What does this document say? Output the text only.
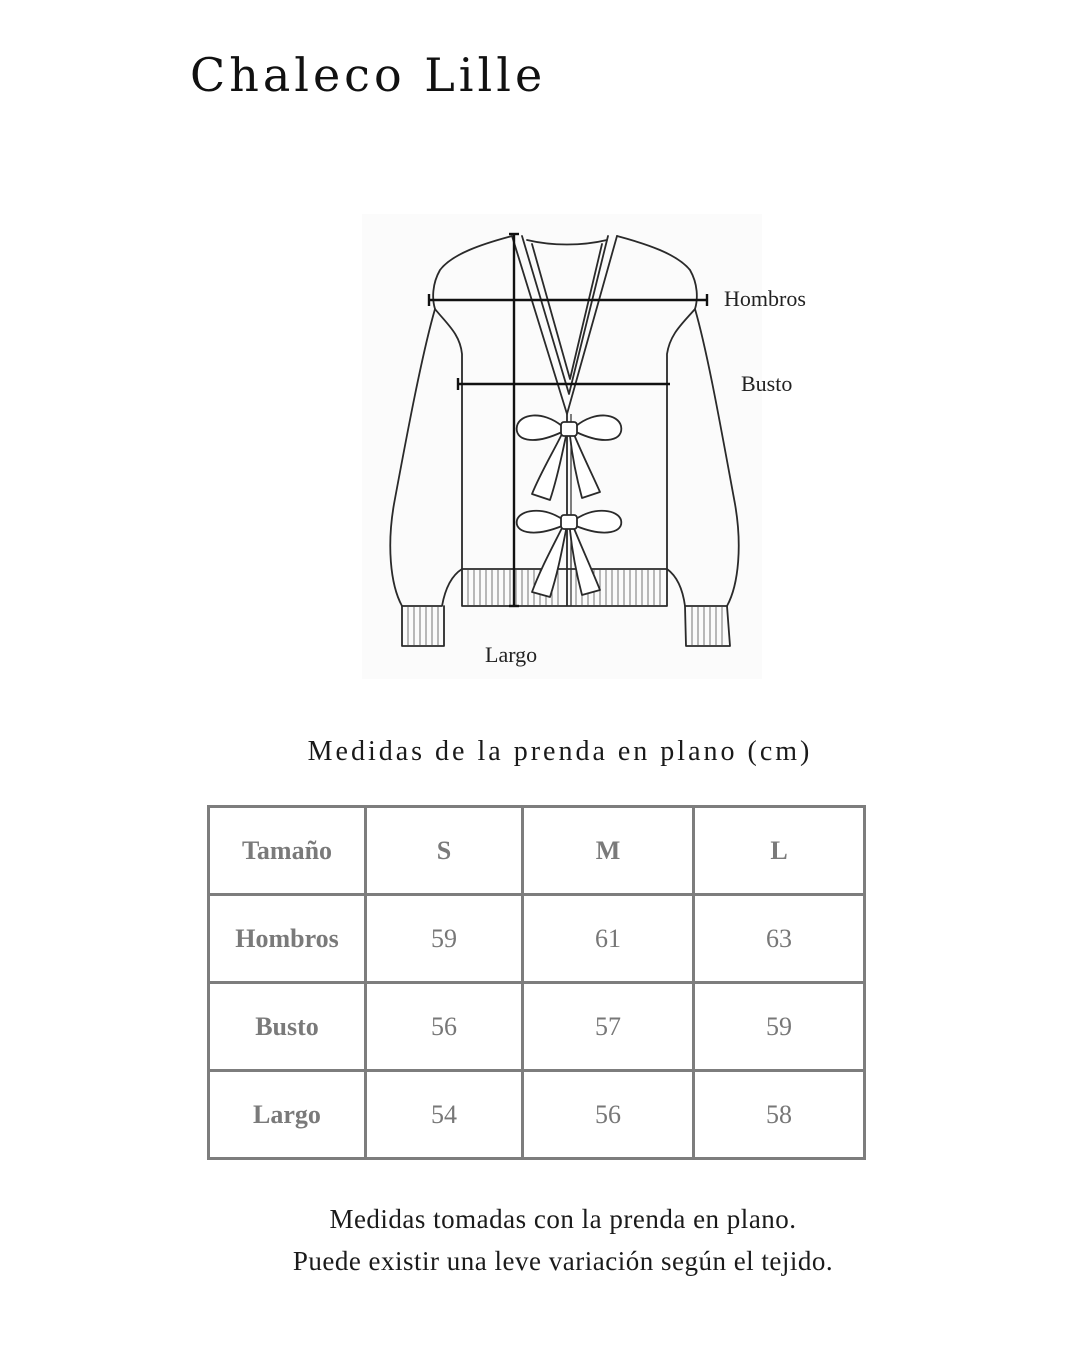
Chaleco Lille
Hombros
Busto
Largo
Medidas de la prenda en plano (cm)
Tamaño	S	M	L
Hombros	59	61	63
Busto	56	57	59
Largo	54	56	58
Medidas tomadas con la prenda en plano.
Puede existir una leve variación según el tejido.
